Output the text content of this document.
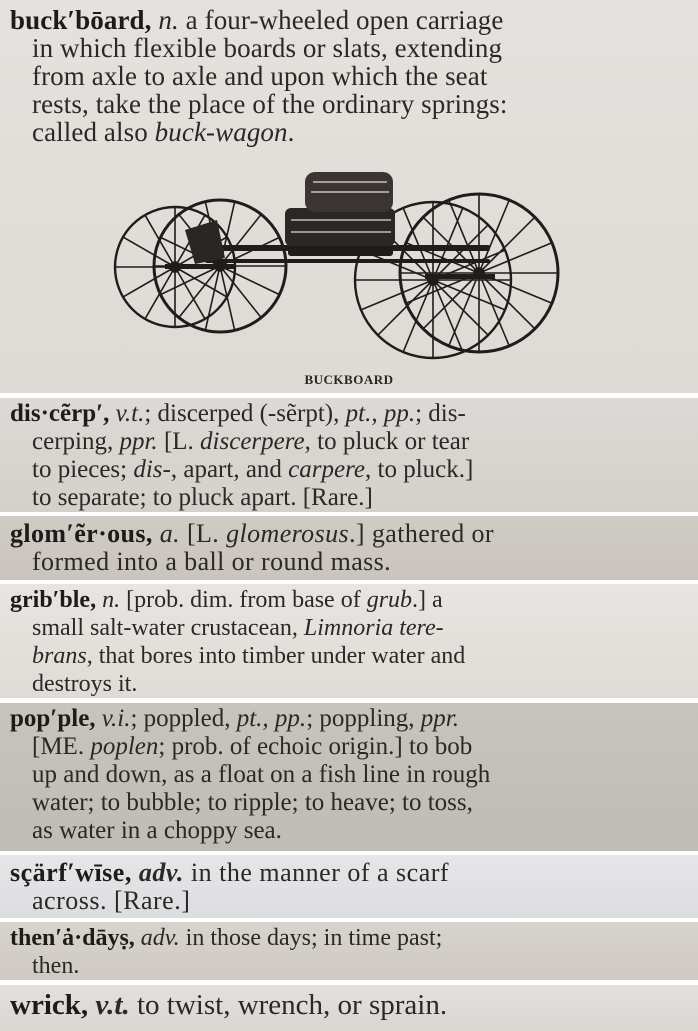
buck′bōard, n. a four-wheeled open carriage
in which flexible boards or slats, extending
from axle to axle and upon which the seat
rests, take the place of the ordinary springs:
called also buck-wagon.
BUCKBOARD
dis·cẽrp′, v.t.; discerped (-sẽrpt), pt., pp.; dis-
cerping, ppr. [L. discerpere, to pluck or tear
to pieces; dis-, apart, and carpere, to pluck.]
to separate; to pluck apart. [Rare.]
glom′ẽr·ous, a. [L. glomerosus.] gathered or
formed into a ball or round mass.
grib′ble, n. [prob. dim. from base of grub.] a
small salt-water crustacean, Limnoria tere-
brans, that bores into timber under water and
destroys it.
pop′ple, v.i.; poppled, pt., pp.; poppling, ppr.
[ME. poplen; prob. of echoic origin.] to bob
up and down, as a float on a fish line in rough
water; to bubble; to ripple; to heave; to toss,
as water in a choppy sea.
sçärf′wīse, adv. in the manner of a scarf
across. [Rare.]
then′ȧ·dāyṣ, adv. in those days; in time past;
then.
wrick, v.t. to twist, wrench, or sprain.
